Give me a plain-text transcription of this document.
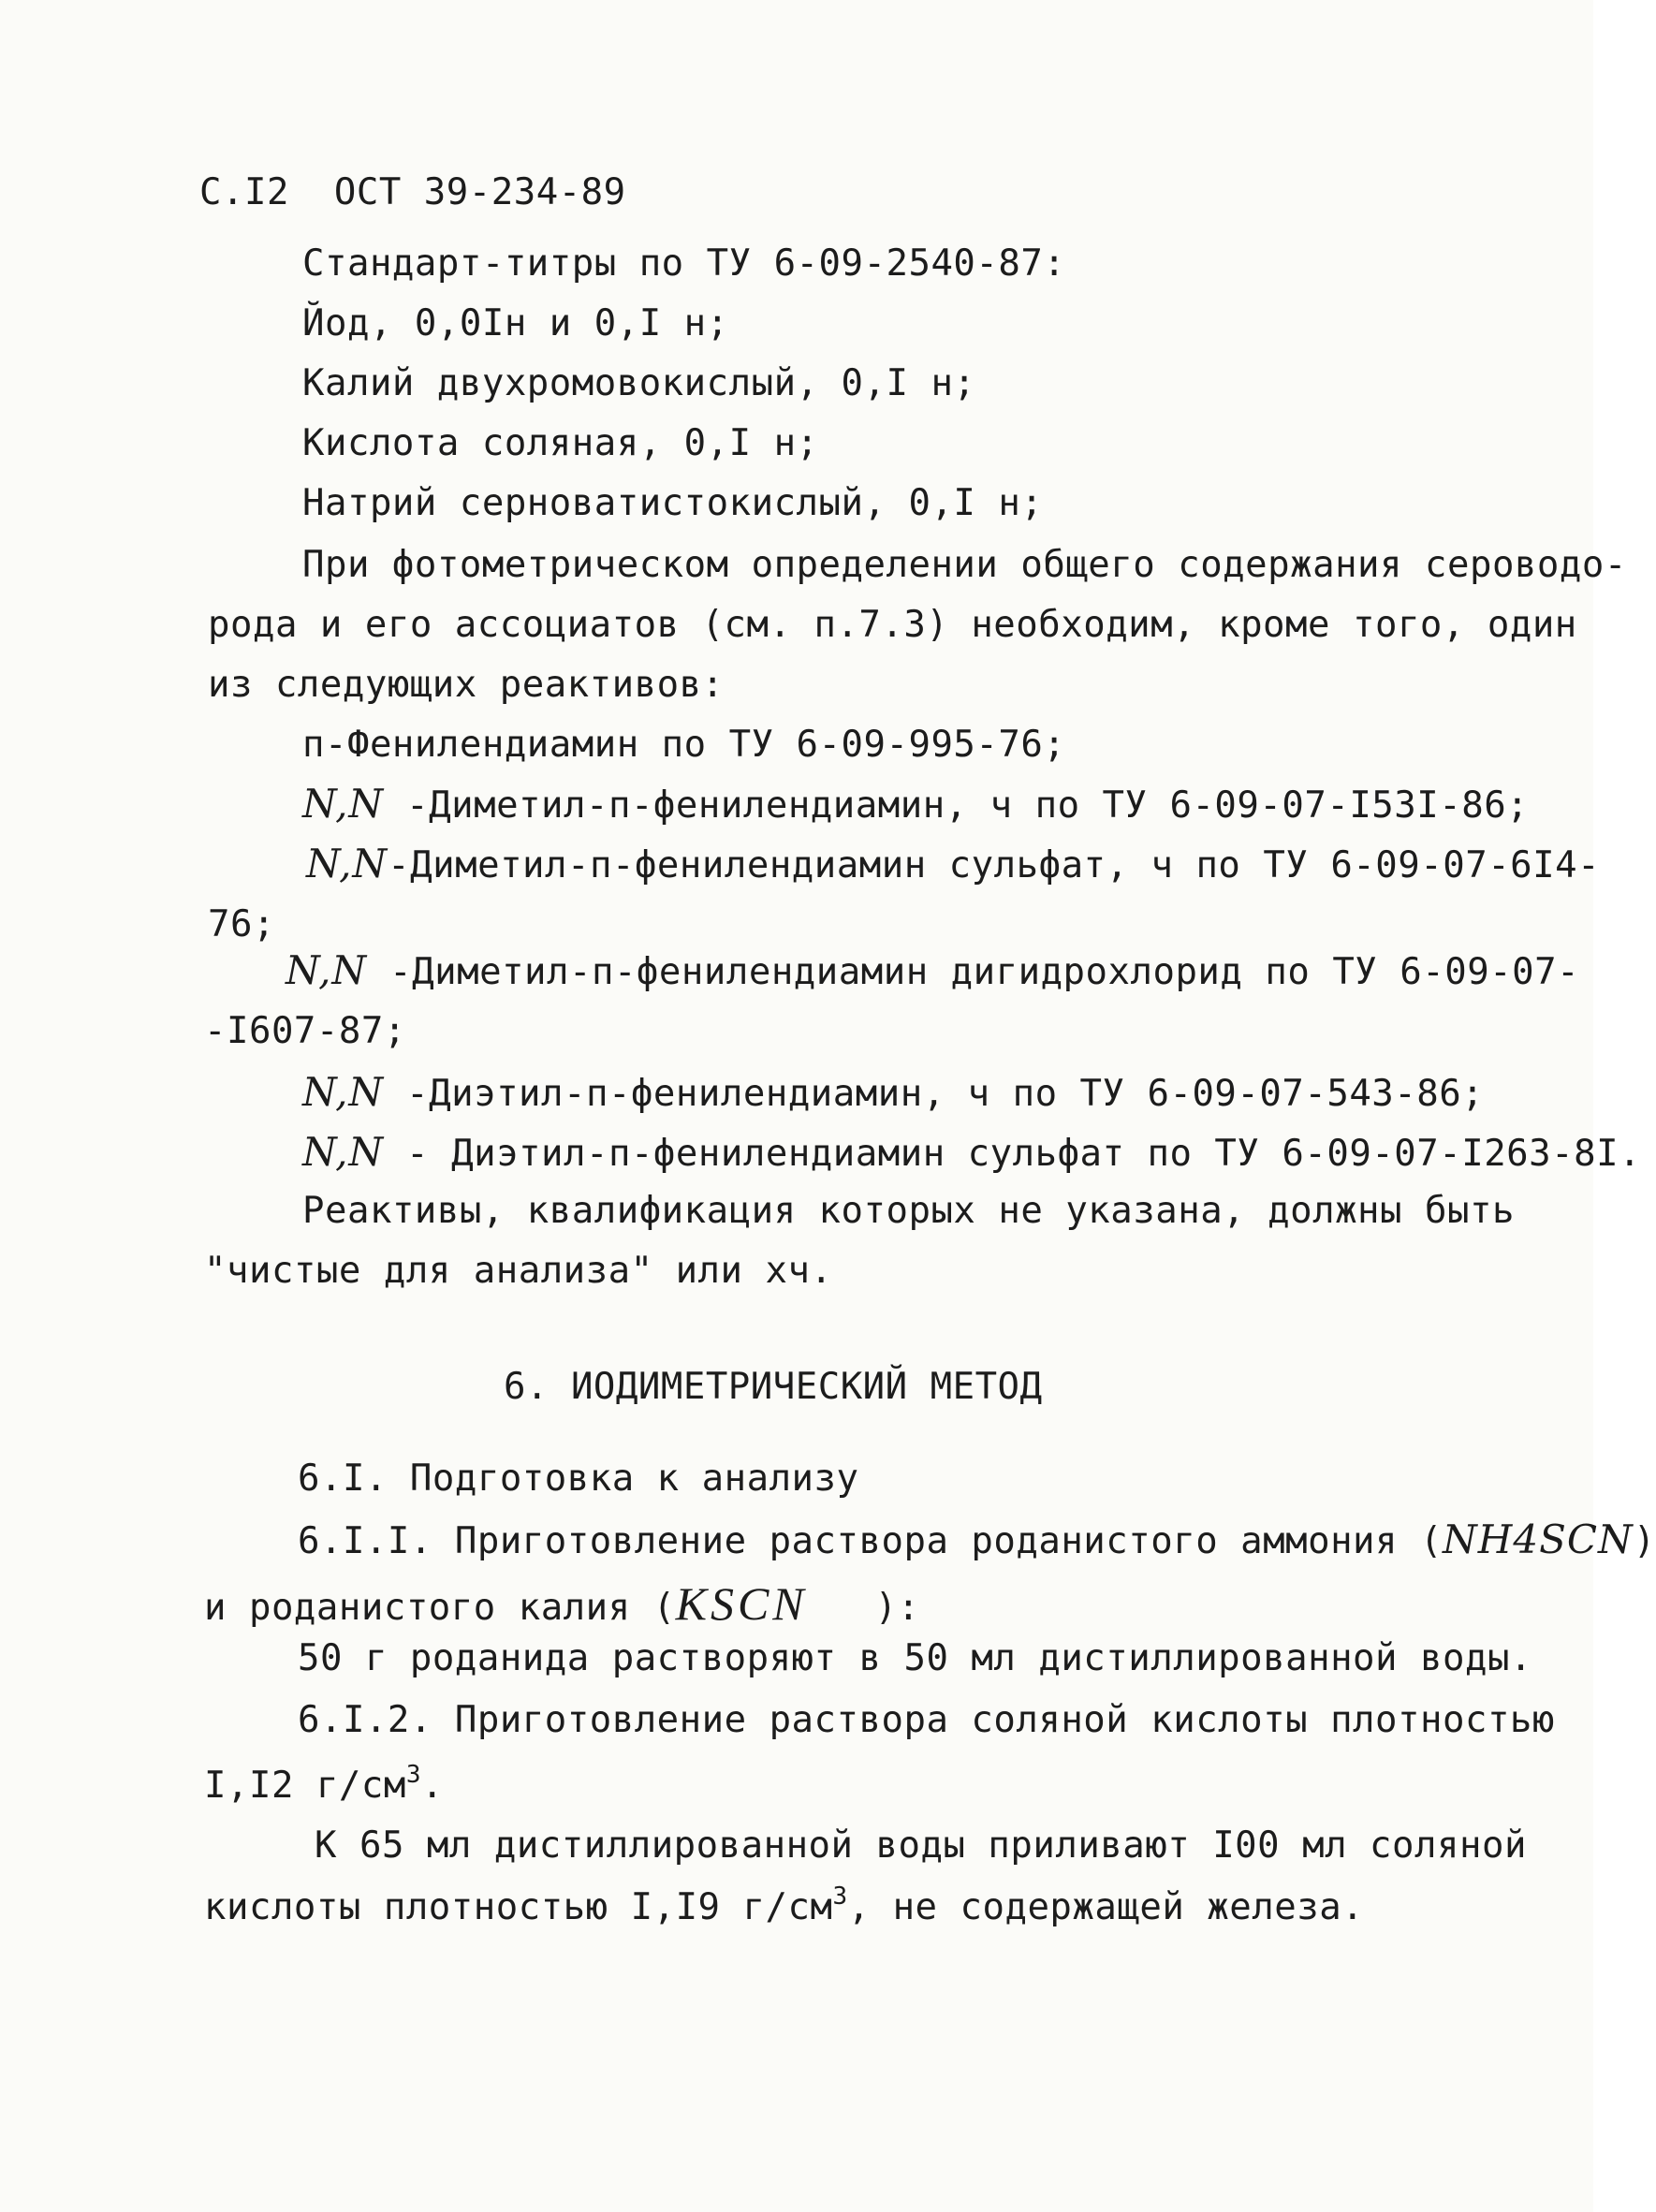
С.I2 ОСТ 39-234-89
Стандарт-титры по ТУ 6-09-2540-87:
Йод, 0,0Iн и 0,I н;
Калий двухромовокислый, 0,I н;
Кислота соляная, 0,I н;
Натрий серноватистокислый, 0,I н;
При фотометрическом определении общего содержания сероводо-
рода и его ассоциатов (см. п.7.3) необходим, кроме того, один
из следующих реактивов:
п-Фенилендиамин по ТУ 6-09-995-76;
N,N -Диметил-п-фенилендиамин, ч по ТУ 6-09-07-I53I-86;
N,N-Диметил-п-фенилендиамин сульфат, ч по ТУ 6-09-07-6I4-
76;
N,N -Диметил-п-фенилендиамин дигидрохлорид по ТУ 6-09-07-
-I607-87;
N,N -Диэтил-п-фенилендиамин, ч по ТУ 6-09-07-543-86;
N,N - Диэтил-п-фенилендиамин сульфат по ТУ 6-09-07-I263-8I.
Реактивы, квалификация которых не указана, должны быть
"чистые для анализа" или хч.
6. ИОДИМЕТРИЧЕСКИЙ МЕТОД
6.I. Подготовка к анализу
6.I.I. Приготовление раствора роданистого аммония (NH4SCN)
и роданистого калия (KSCN ):
50 г роданида растворяют в 50 мл дистиллированной воды.
6.I.2. Приготовление раствора соляной кислоты плотностью
I,I2 $г/см^3$.
К 65 мл дистиллированной воды приливают I00 мл соляной
кислоты плотностью I,I9 $г/см^3$, не содержащей железа.
